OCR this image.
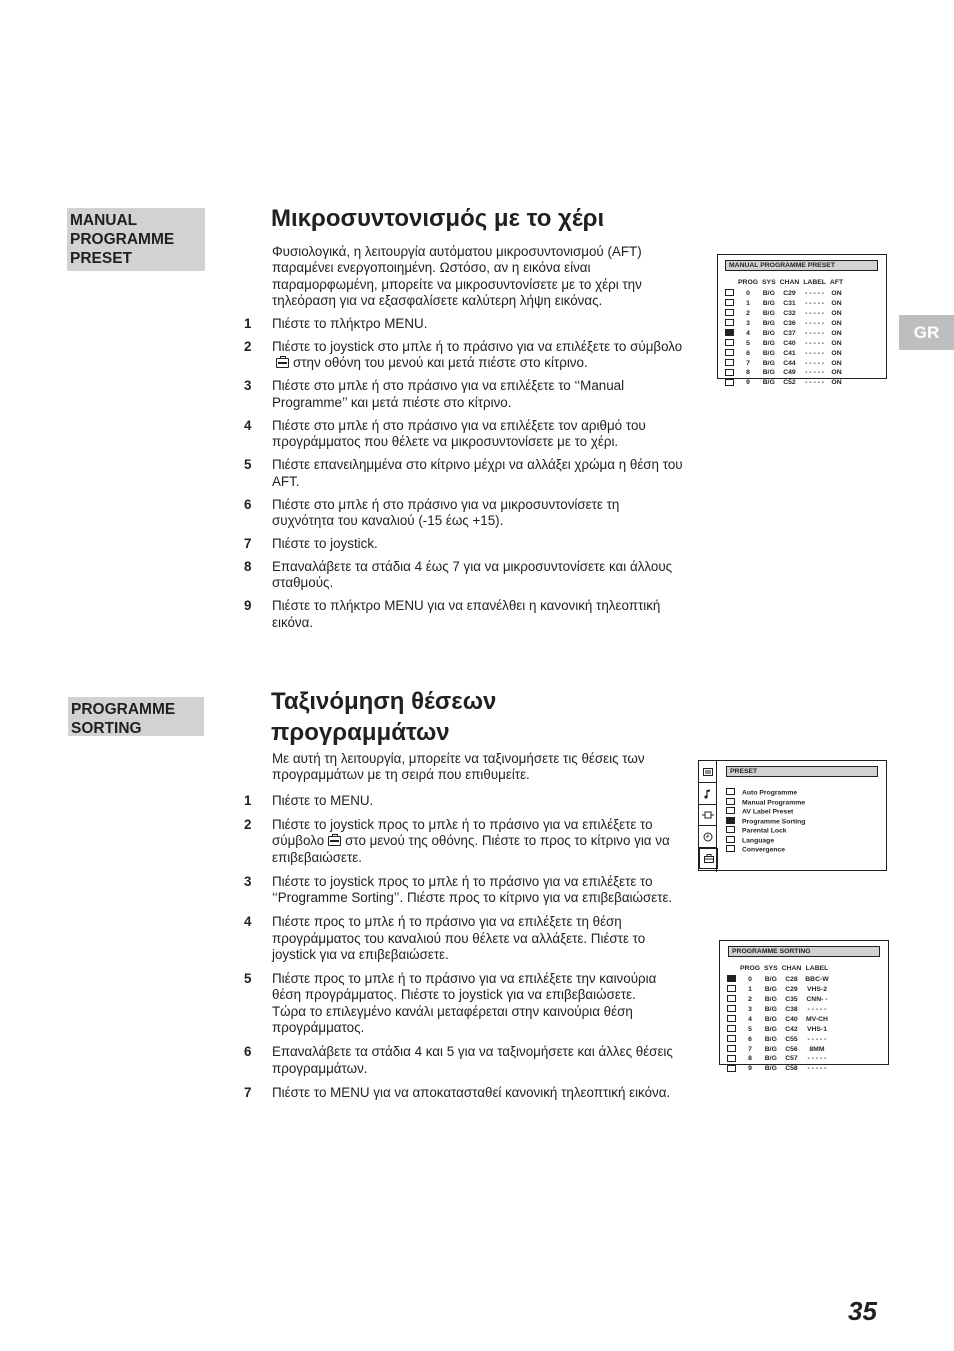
MANUAL PROGRAMME PRESET
Μικροσυντονισμός με το χέρι

Φυσιολογικά, η λειτουργία αυτόματου μικροσυντονισμού (AFT) παραμένει ενεργοποιημένη. Ωστόσο, αν η εικόνα είναι παραμορφωμένη, μπορείτε να μικροσυντονίσετε με το χέρι την τηλεόραση για να εξασφαλίσετε καλύτερη λήψη εικόνας.

1 Πιέστε το πλήκτρο MENU.
2 Πιέστε το joystick στο μπλε ή το πράσινο για να επιλέξετε το σύμβολοστην οθόνη του μενού και μετά πιέστε στο κίτρινο.
3 Πιέστε στο μπλε ή στο πράσινο για να επιλέξετε το ‘‘Manual Programme’’ και μετά πιέστε στο κίτρινο.
4 Πιέστε στο μπλε ή στο πράσινο για να επιλέξετε τον αριθμό του προγράμματος που θέλετε να μικροσυντονίσετε με το χέρι.
5 Πιέστε επανειλημμένα στο κίτρινο μέχρι να αλλάξει χρώμα η θέση του AFT.
6 Πιέστε στο μπλε ή στο πράσινο για να μικροσυντονίσετε τη συχνότητα του καναλιού (-15 έως +15).
7 Πιέστε το joystick.
8 Επαναλάβετε τα στάδια 4 έως 7 για να μικροσυντονίσετε και άλλους σταθμούς.
9 Πιέστε το πλήκτρο MENU για να επανέλθει η κανονική τηλεοπτική εικόνα.
PROGRAMME SORTING
Ταξινόμηση θέσεων
προγραμμάτων

Με αυτή τη λειτουργία, μπορείτε να ταξινομήσετε τις θέσεις των προγραμμάτων με τη σειρά που επιθυμείτε.

1 Πιέστε το MENU.
2 Πιέστε το joystick προς το μπλε ή το πράσινο για να επιλέξετε το σύμβολο στο μενού της οθόνης. Πιέστε το προς το κίτρινο για να επιβεβαιώσετε.
3 Πιέστε το joystick προς το μπλε ή το πράσινο για να επιλέξετε το ‘‘Programme Sorting’’. Πιέστε προς το κίτρινο για να επιβεβαιώσετε.
4 Πιέστε προς το μπλε ή το πράσινο για να επιλέξετε τη θέση προγράμματος του καναλιού που θέλετε να αλλάξετε. Πιέστε το joystick για να επιβεβαιώσετε.
5 Πιέστε προς το μπλε ή το πράσινο για να επιλέξετε την καινούρια θέση προγράμματος. Πιέστε το joystick για να επιβεβαιώσετε.
Τώρα το επιλεγμένο κανάλι μεταφέρεται στην καινούρια θέση προγράμματος.
6 Επαναλάβετε τα στάδια 4 και 5 για να ταξινομήσετε και άλλες θέσεις προγραμμάτων.
7 Πιέστε το MENU για να αποκατασταθεί κανονική τηλεοπτική εικόνα.
GR
35
MANUAL PROGRAMME PRESET
	PROG	SYS	CHAN	LABEL	AFT
	0	B/G	C29	- - - - -	ON
	1	B/G	C31	- - - - -	ON
	2	B/G	C32	- - - - -	ON
	3	B/G	C36	- - - - -	ON
	4	B/G	C37	- - - - -	ON
	5	B/G	C40	- - - - -	ON
	6	B/G	C41	- - - - -	ON
	7	B/G	C44	- - - - -	ON
	8	B/G	C49	- - - - -	ON
	9	B/G	C52	- - - - -	ON
PRESET
Auto Programme
Manual Programme
AV Label Preset
Programme Sorting
Parental Lock
Language
Convergence
PROGRAMME SORTING
	PROG	SYS	CHAN	LABEL
	0	B/G	C28	BBC-W
	1	B/G	C29	VHS-2
	2	B/G	C35	CNN- -
	3	B/G	C38	- - - - -
	4	B/G	C40	MV-CH
	5	B/G	C42	VHS-1
	6	B/G	C55	- - - - -
	7	B/G	C56	8MM
	8	B/G	C57	- - - - -
	9	B/G	C58	- - - - -
